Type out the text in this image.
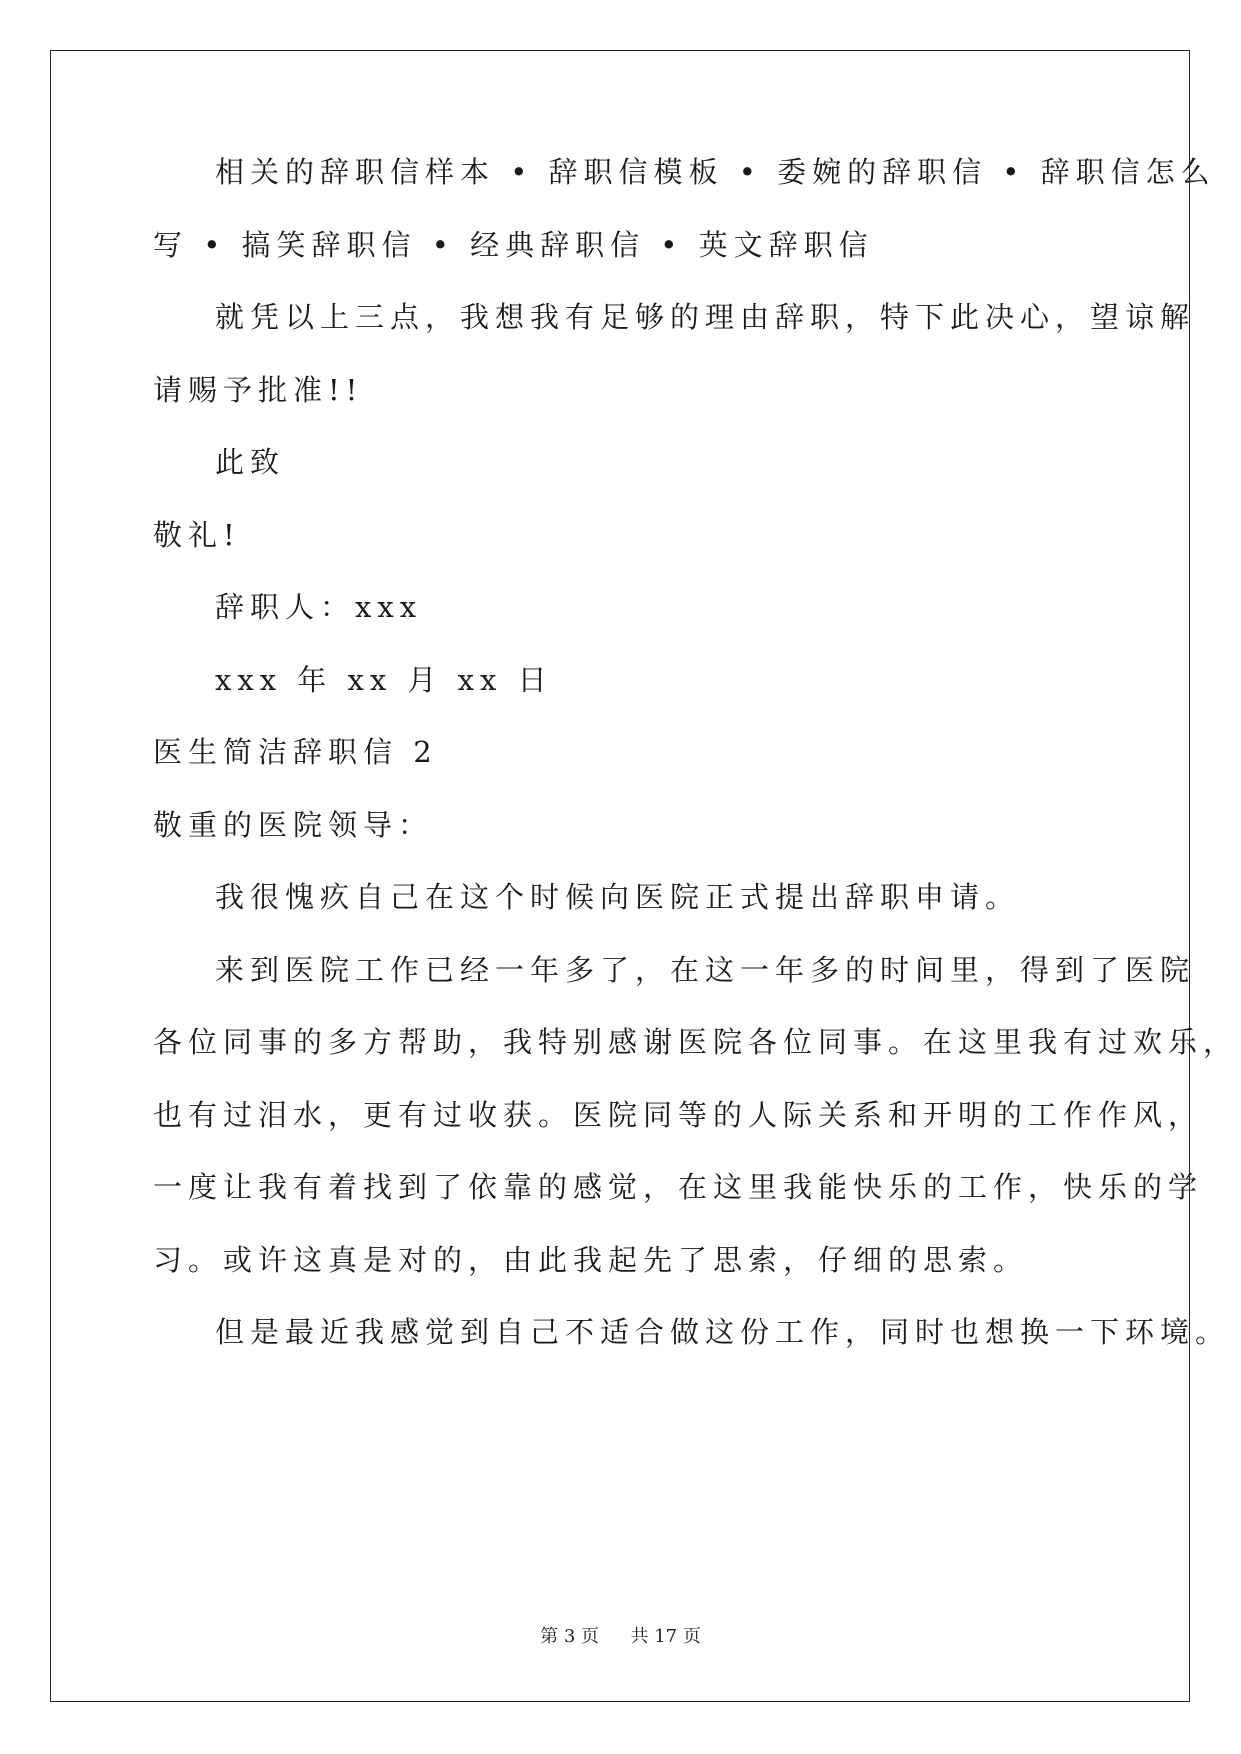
相关的辞职信样本 • 辞职信模板 • 委婉的辞职信 • 辞职信怎么
写 • 搞笑辞职信 • 经典辞职信 • 英文辞职信
就凭以上三点，我想我有足够的理由辞职，特下此决心，望谅解
请赐予批准!!
此致
敬礼!
辞职人：xxx
xxx 年 xx 月 xx 日
医生简洁辞职信 2
敬重的医院领导：
我很愧疚自己在这个时候向医院正式提出辞职申请。
来到医院工作已经一年多了，在这一年多的时间里，得到了医院
各位同事的多方帮助，我特别感谢医院各位同事。在这里我有过欢乐，
也有过泪水，更有过收获。医院同等的人际关系和开明的工作作风，
一度让我有着找到了依靠的感觉，在这里我能快乐的工作，快乐的学
习。或许这真是对的，由此我起先了思索，仔细的思索。
但是最近我感觉到自己不适合做这份工作，同时也想换一下环境。
第 3 页 共 17 页
